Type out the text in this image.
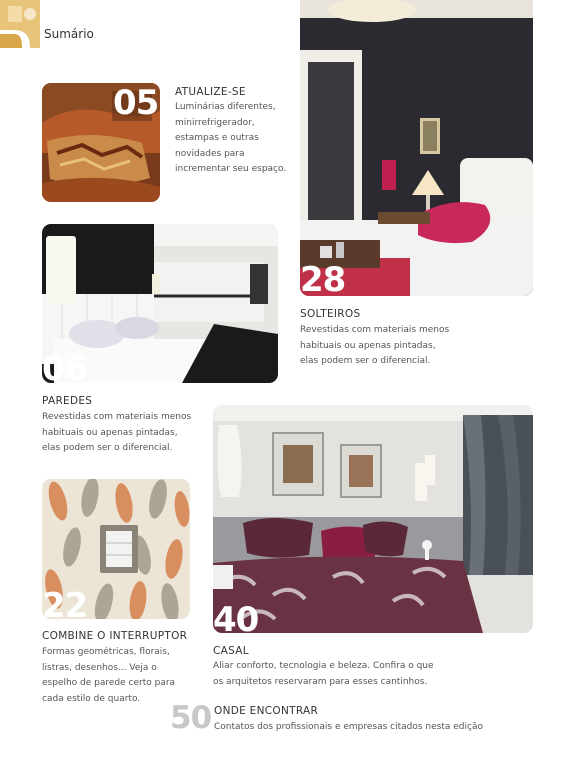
Sumário
05 ATUALIZE-SE
Luminárias diferentes,
minirrefrigerador,
estampas e outras
novidades para
incrementar seu espaço.
28
SOLTEIROS
Revestidas com materiais menos
habituais ou apenas pintadas,
elas podem ser o diferencial.
06
PAREDES
Revestidas com materiais menos
habituais ou apenas pintadas,
elas podem ser o diferencial.
40
CASAL
Aliar conforto, tecnologia e beleza. Confira o que
os arquitetos reservaram para esses cantinhos.
22
COMBINE O INTERRUPTOR
Formas geométricas, florais,
listras, desenhos... Veja o
espelho de parede certo para
cada estilo de quarto.
50 ONDE ENCONTRAR
Contatos dos profissionais e empresas citados nesta edição
